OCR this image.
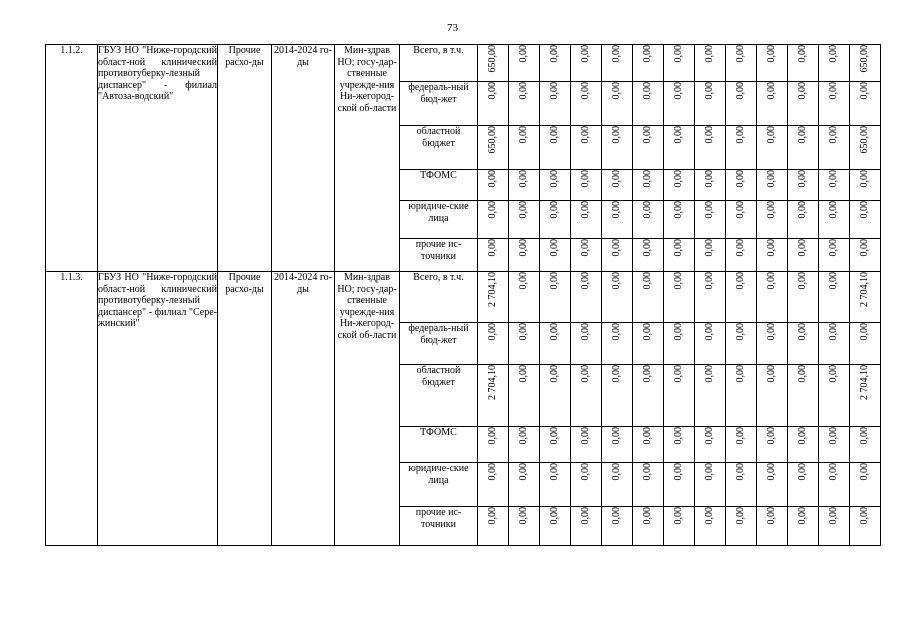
73
1.1.2.	ГБУЗ НО "Ниже-городский област-ной клинический противотуберку-лезный диспансер" - филиал "Автоза-водский"	Прочие расхо-ды	2014-2024 го-ды	Мин-здрав НО; госу-дар-ственные учрежде-ния Ни-жегород-ской об-ласти	Всего, в т.ч.	650,00	0,00	0,00	0,00	0,00	0,00	0,00	0,00	0,00	0,00	0,00	0,00	650,00
					федераль-ный бюд-жет	0,00	0,00	0,00	0,00	0,00	0,00	0,00	0,00	0,00	0,00	0,00	0,00	0,00
					областной бюджет	650,00	0,00	0,00	0,00	0,00	0,00	0,00	0,00	0,00	0,00	0,00	0,00	650,00
					ТФОМС	0,00	0,00	0,00	0,00	0,00	0,00	0,00	0,00	0,00	0,00	0,00	0,00	0,00
					юридиче-ские лица	0,00	0,00	0,00	0,00	0,00	0,00	0,00	0,00	0,00	0,00	0,00	0,00	0,00
					прочие ис-точники	0,00	0,00	0,00	0,00	0,00	0,00	0,00	0,00	0,00	0,00	0,00	0,00	0,00
1.1.3.	ГБУЗ НО "Ниже-городский област-ной клинический противотуберку-лезный диспансер" - филиал "Сере-жинский"	Прочие расхо-ды	2014-2024 го-ды	Мин-здрав НО; госу-дар-ственные учрежде-ния Ни-жегород-ской об-ласти	Всего, в т.ч.	2 704,10	0,00	0,00	0,00	0,00	0,00	0,00	0,00	0,00	0,00	0,00	0,00	2 704,10
					федераль-ный бюд-жет	0,00	0,00	0,00	0,00	0,00	0,00	0,00	0,00	0,00	0,00	0,00	0,00	0,00
					областной бюджет	2 704,10	0,00	0,00	0,00	0,00	0,00	0,00	0,00	0,00	0,00	0,00	0,00	2 704,10
					ТФОМС	0,00	0,00	0,00	0,00	0,00	0,00	0,00	0,00	0,00	0,00	0,00	0,00	0,00
					юридиче-ские лица	0,00	0,00	0,00	0,00	0,00	0,00	0,00	0,00	0,00	0,00	0,00	0,00	0,00
					прочие ис-точники	0,00	0,00	0,00	0,00	0,00	0,00	0,00	0,00	0,00	0,00	0,00	0,00	0,00
